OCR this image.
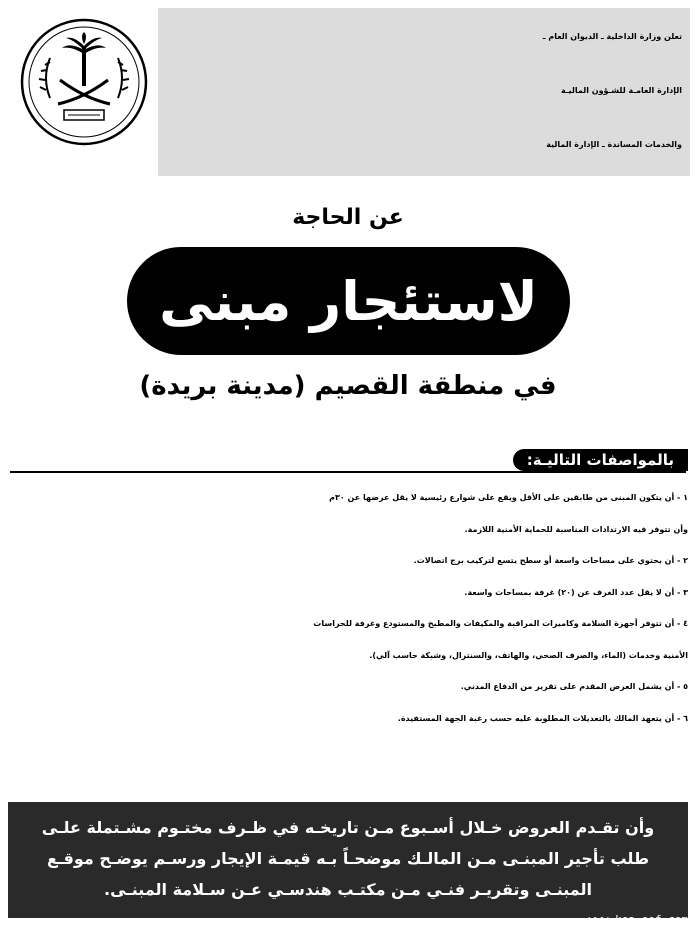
تعلن وزارة الداخلية ـ الديوان العام ـ
الإدارة العامـة للشـؤون الماليـة
والخدمات المساندة ـ الإدارة المالية
عن الحاجة
لاستئجار مبنى
في منطقة القصيم (مدينة بريدة)
بالمواصفات التاليـة:
١ - أن يتكون المبنى من طابقين على الأقل ويقع على شوارع رئيسية لا يقل عرضها عن ٣٠م
وأن تتوفر فيه الارتدادات المناسبة للحماية الأمنية اللازمة.
٢ - أن يحتوي على مساحات واسعة أو سطح يتسع لتركيب برج اتصالات.
٣ - أن لا يقل عدد الغرف عن (٢٠) غرفة بمساحات واسعة.
٤ - أن تتوفر أجهزة السلامة وكاميرات المراقبة والمكيفات والمطبخ والمستودع وغرفة للحراسات
الأمنية وخدمات (الماء، والصرف الصحي، والهاتف، والسنترال، وشبكة حاسب آلي).
٥ - أن يشمل العرض المقدم على تقرير من الدفاع المدني.
٦ - أن يتعهد المالك بالتعديلات المطلوبة عليه حسب رغبة الجهة المستفيدة.
وأن تقـدم العروض خـلال أسـبوع مـن تاريخـه في ظـرف مختـوم مشـتملة علـى
طلب تأجير المبنـى مـن المالـك موضحـاً بـه قيمـة الإيجار ورسـم يوضـح موقـع
المبنـى وتقريـر فنـي مـن مكتـب هندسـي عـن سـلامة المبنـى.
www.ksa-sef.com
